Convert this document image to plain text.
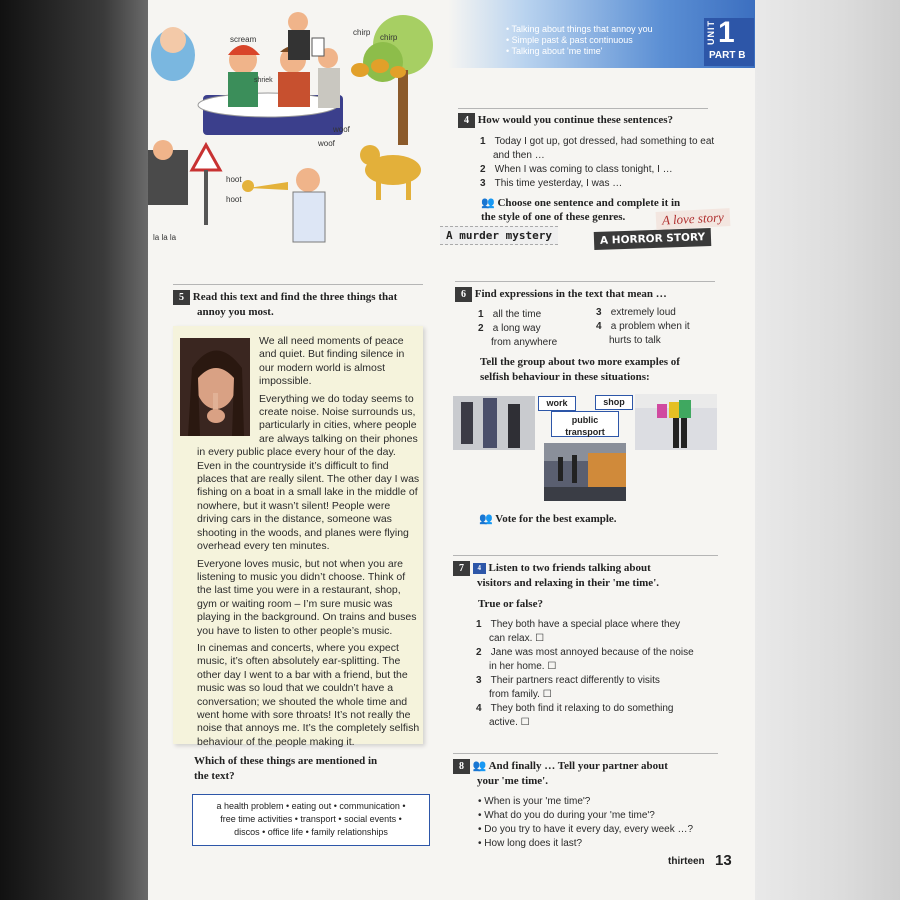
• Talking about things that annoy you
• Simple past & past continuous
• Talking about 'me time'
UNIT 1
PART B
scream
shriek
chirp
chirp
woof
woof
hoot
hoot
la la la
4 How would you continue these sentences?
1 Today I got up, got dressed, had something to eat
and then …
2 When I was coming to class tonight, I …
3 This time yesterday, I was …
👥 Choose one sentence and complete it in
the style of one of these genres.
A murder mystery	A HORROR STORY
A love story
5 Read this text and find the three things that
annoy you most.
We all need moments of peace
and quiet. But finding silence in
our modern world is almost
impossible.
Everything we do today seems to
create noise. Noise surrounds us,
particularly in cities, where people
are always talking on their phones

in every public place every hour of the day. Even in the countryside it’s difficult to find places that are really silent. The other day I was fishing on a boat in a small lake in the middle of nowhere, but it wasn’t silent! People were driving cars in the distance, someone was shooting in the woods, and planes were flying overhead every ten minutes.

Everyone loves music, but not when you are listening to music you didn’t choose. Think of the last time you were in a restaurant, shop, gym or waiting room – I’m sure music was playing in the background. On trains and buses you have to listen to other people’s music.

In cinemas and concerts, where you expect music, it’s often absolutely ear-splitting. The other day I went to a bar with a friend, but the music was so loud that we couldn’t have a conversation; we shouted the whole time and went home with sore throats! It’s not really the noise that annoys me. It’s the completely selfish behaviour of the people making it.

Which of these things are mentioned in
the text?
a health problem • eating out • communication •
free time activities • transport • social events •
discos • office life • family relationships
6 Find expressions in the text that mean …
1 all the time
2 a long way
from anywhere
3 extremely loud
4 a problem when it
hurts to talk
Tell the group about two more examples of
selfish behaviour in these situations:
work	shop
public transport
👥 Vote for the best example.
7 4 Listen to two friends talking about
visitors and relaxing in their 'me time'.
True or false?
1 They both have a special place where they
can relax. ☐
2 Jane was most annoyed because of the noise
in her home. ☐
3 Their partners react differently to visits
from family. ☐
4 They both find it relaxing to do something
active. ☐
8 👥 And finally … Tell your partner about
your 'me time'.
• When is your 'me time'?
• What do you do during your 'me time'?
• Do you try to have it every day, every week …?
• How long does it last?
thirteen 13
